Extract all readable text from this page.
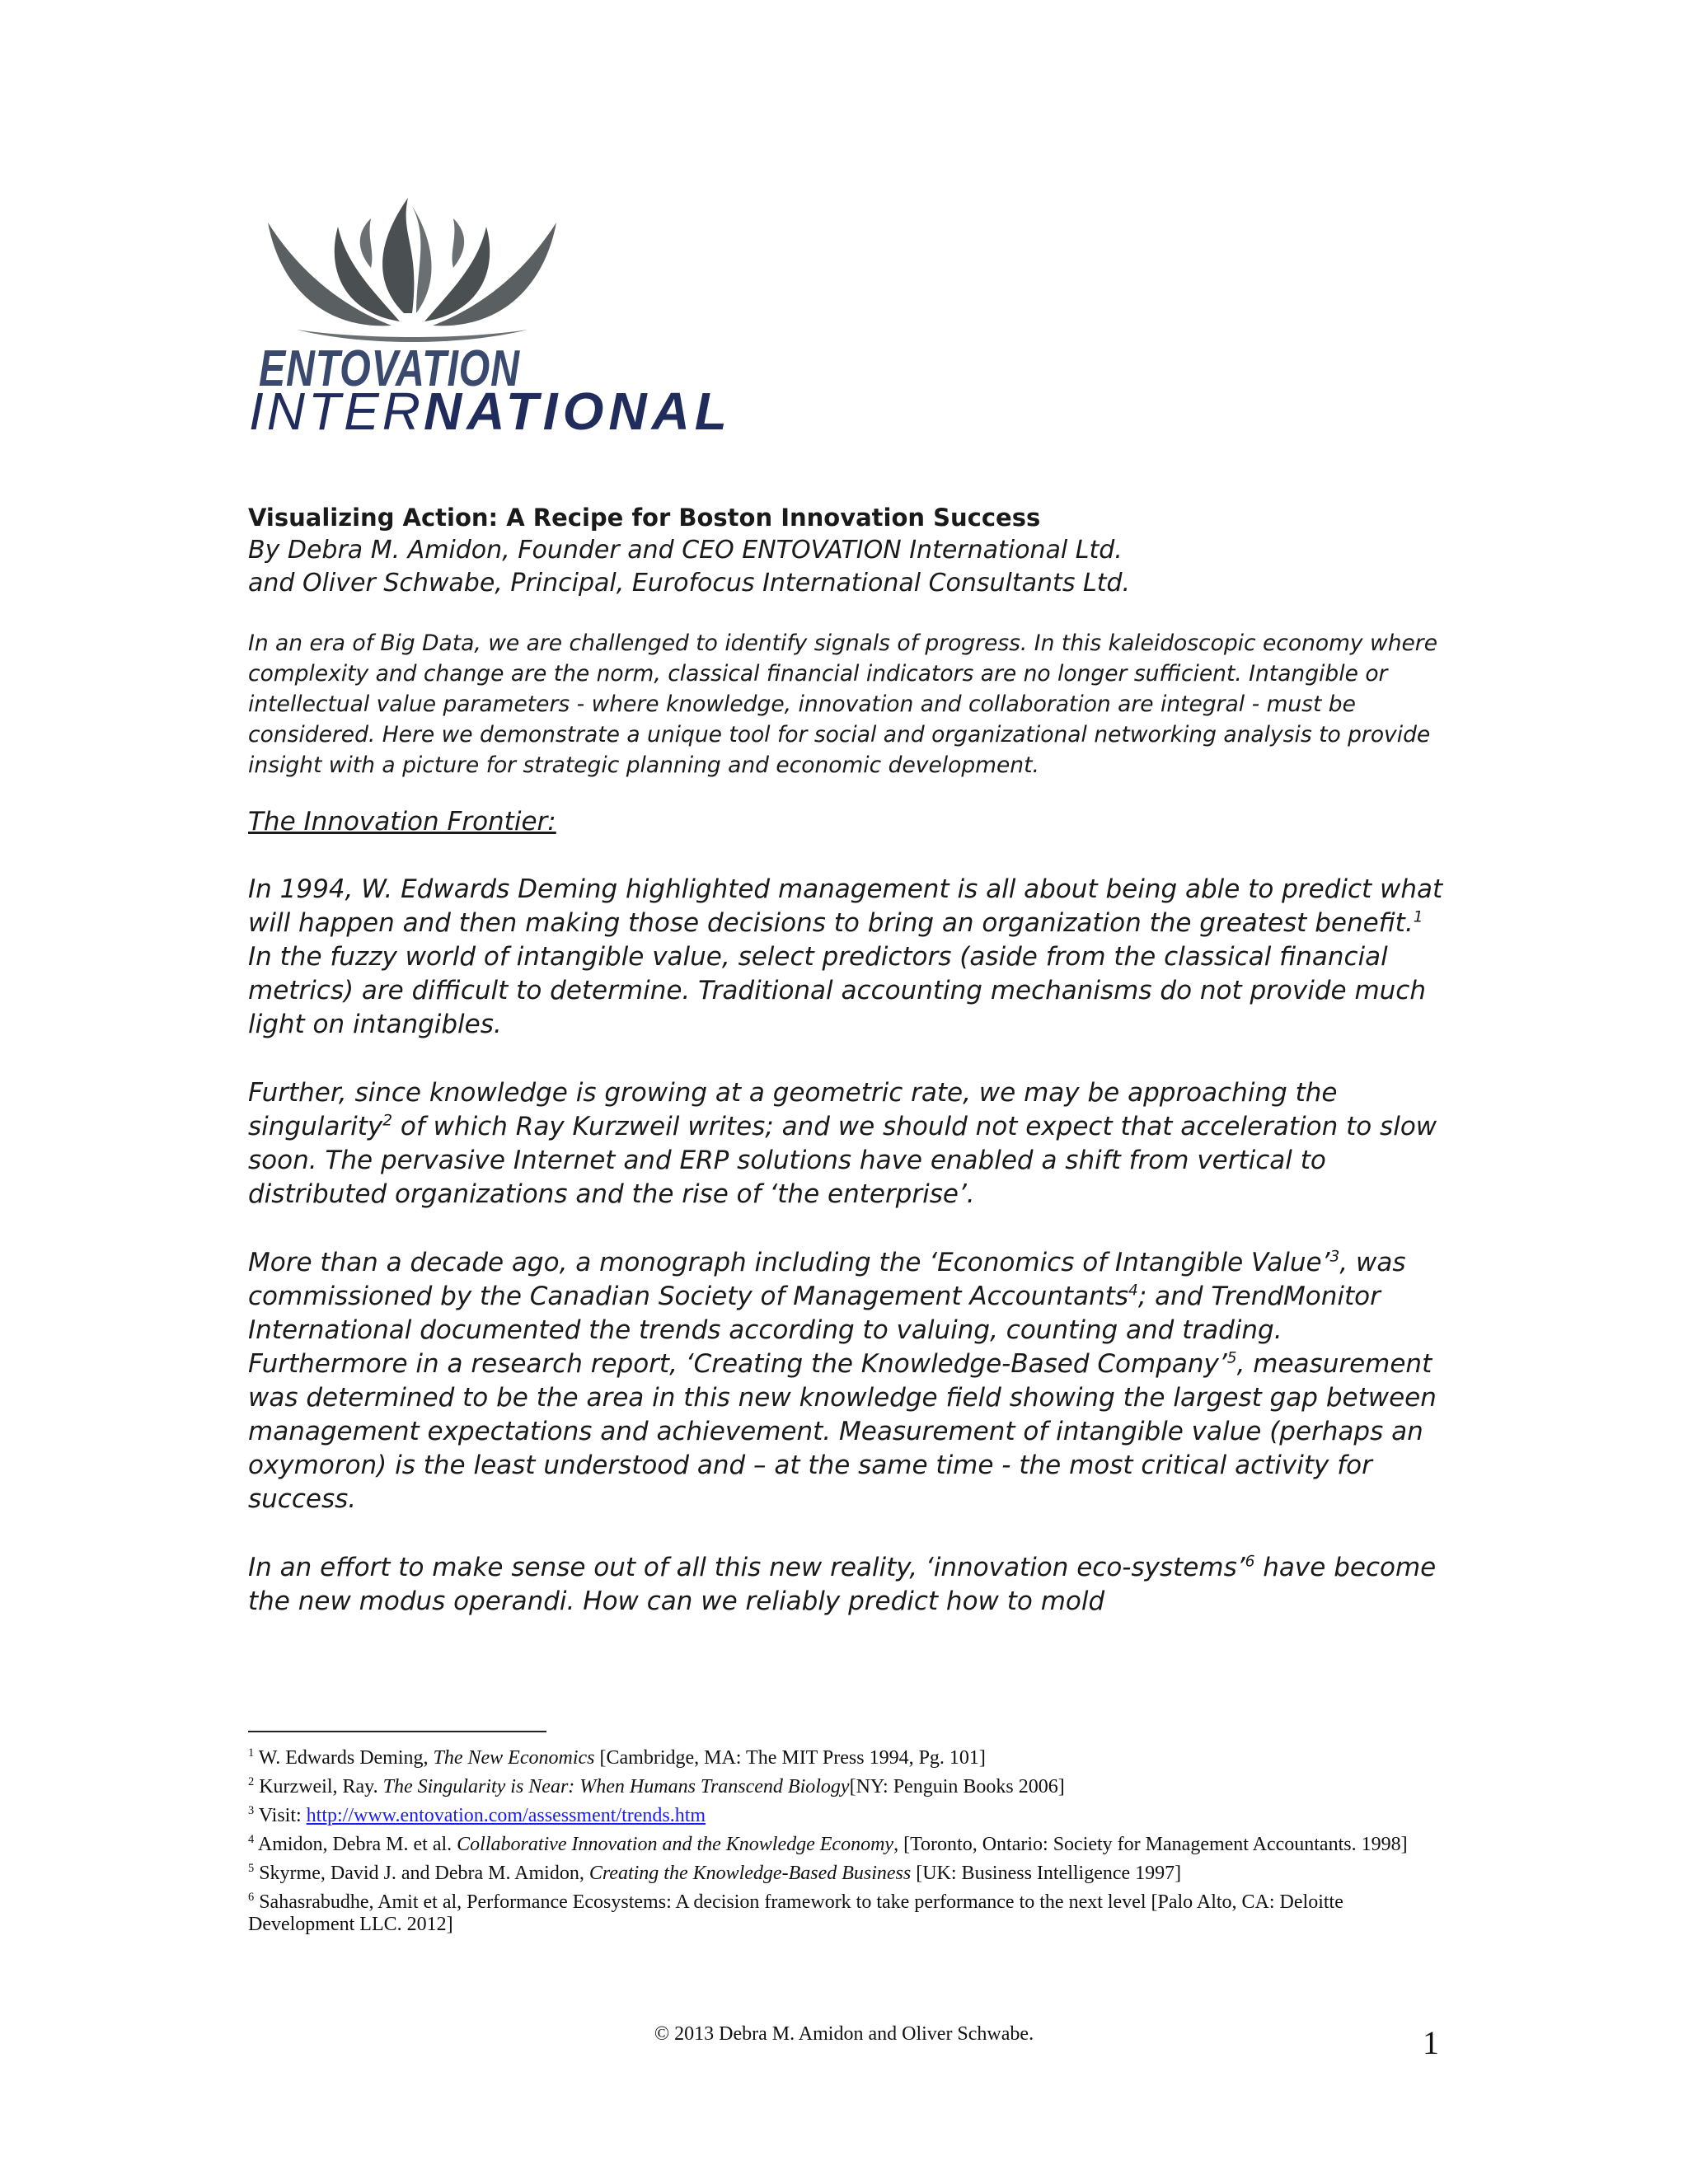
ENTOVATION
INTERNATIONAL

Visualizing Action: A Recipe for Boston Innovation Success

By Debra M. Amidon, Founder and CEO ENTOVATION International Ltd.

and Oliver Schwabe, Principal, Eurofocus International Consultants Ltd.

In an era of Big Data, we are challenged to identify signals of progress. In this kaleidoscopic economy where complexity and change are the norm, classical financial indicators are no longer sufficient. Intangible or intellectual value parameters - where knowledge, innovation and collaboration are integral - must be considered. Here we demonstrate a unique tool for social and organizational networking analysis to provide insight with a picture for strategic planning and economic development.

The Innovation Frontier:

In 1994, W. Edwards Deming highlighted management is all about being able to predict what will happen and then making those decisions to bring an organization the greatest benefit.$^1$ In the fuzzy world of intangible value, select predictors (aside from the classical financial metrics) are difficult to determine. Traditional accounting mechanisms do not provide much light on intangibles.

Further, since knowledge is growing at a geometric rate, we may be approaching the singularity$^2$ of which Ray Kurzweil writes; and we should not expect that acceleration to slow soon. The pervasive Internet and ERP solutions have enabled a shift from vertical to distributed organizations and the rise of ‘the enterprise’.

More than a decade ago, a monograph including the ‘Economics of Intangible Value’$^3$, was commissioned by the Canadian Society of Management Accountants$^4$; and TrendMonitor International documented the trends according to valuing, counting and trading. Furthermore in a research report, ‘Creating the Knowledge-Based Company’$^5$, measurement was determined to be the area in this new knowledge field showing the largest gap between management expectations and achievement. Measurement of intangible value (perhaps an oxymoron) is the least understood and – at the same time - the most critical activity for success.

In an effort to make sense out of all this new reality, ‘innovation eco-systems’$^6$ have become the new modus operandi. How can we reliably predict how to mold

$^1$ W. Edwards Deming, The New Economics [Cambridge, MA: The MIT Press 1994, Pg. 101]

$^2$ Kurzweil, Ray. The Singularity is Near: When Humans Transcend Biology[NY: Penguin Books 2006]

$^3$ Visit: http://www.entovation.com/assessment/trends.htm

$^4$ Amidon, Debra M. et al. Collaborative Innovation and the Knowledge Economy, [Toronto, Ontario: Society for Management Accountants. 1998]

$^5$ Skyrme, David J. and Debra M. Amidon, Creating the Knowledge-Based Business [UK: Business Intelligence 1997]

$^6$ Sahasrabudhe, Amit et al, Performance Ecosystems: A decision framework to take performance to the next level [Palo Alto, CA: Deloitte Development LLC. 2012]

© 2013 Debra M. Amidon and Oliver Schwabe.	1
